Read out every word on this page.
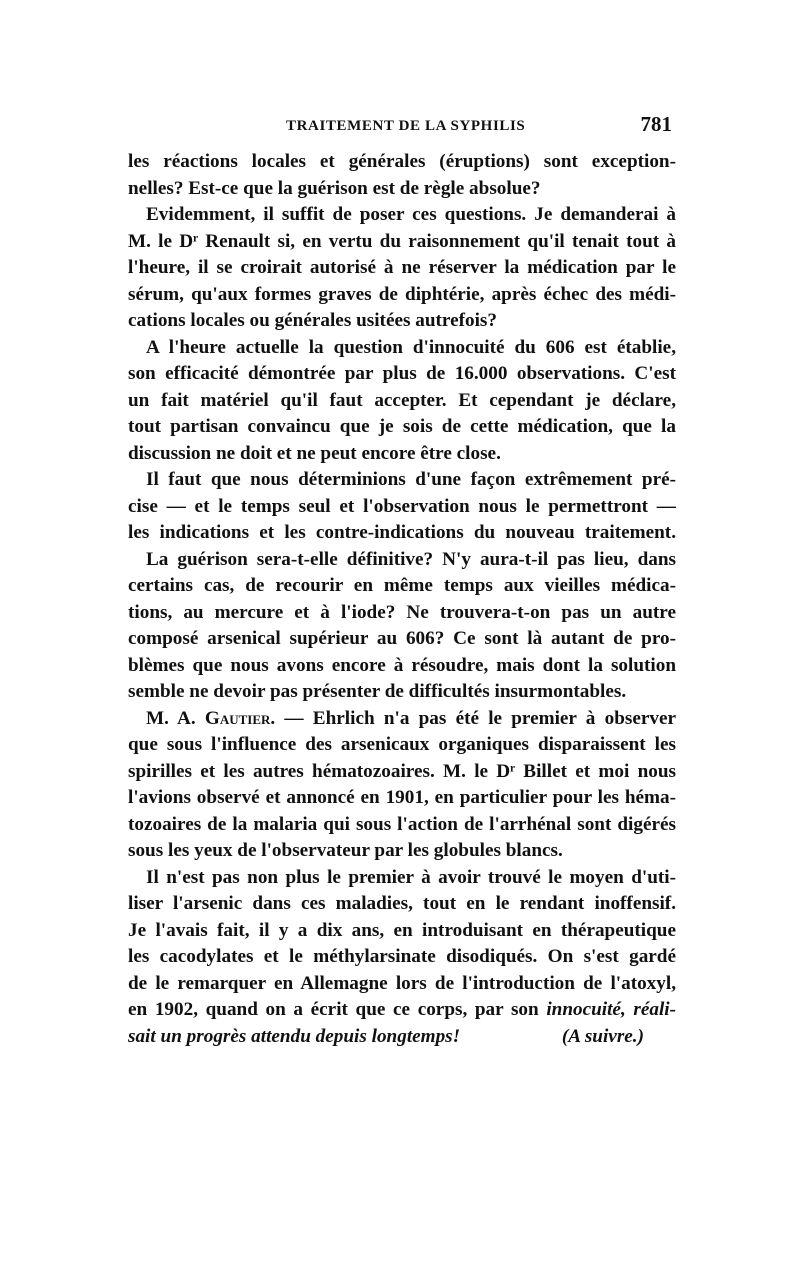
TRAITEMENT DE LA SYPHILIS	781
les réactions locales et générales (éruptions) sont exception-
nelles? Est-ce que la guérison est de règle absolue?
Evidemment, il suffit de poser ces questions. Je demanderai à
M. le Dʳ Renault si, en vertu du raisonnement qu'il tenait tout à
l'heure, il se croirait autorisé à ne réserver la médication par le
sérum, qu'aux formes graves de diphtérie, après échec des médi-
cations locales ou générales usitées autrefois?
A l'heure actuelle la question d'innocuité du 606 est établie,
son efficacité démontrée par plus de 16.000 observations. C'est
un fait matériel qu'il faut accepter. Et cependant je déclare,
tout partisan convaincu que je sois de cette médication, que la
discussion ne doit et ne peut encore être close.
Il faut que nous déterminions d'une façon extrêmement pré-
cise — et le temps seul et l'observation nous le permettront —
les indications et les contre-indications du nouveau traitement.
La guérison sera-t-elle définitive? N'y aura-t-il pas lieu, dans
certains cas, de recourir en même temps aux vieilles médica-
tions, au mercure et à l'iode? Ne trouvera-t-on pas un autre
composé arsenical supérieur au 606? Ce sont là autant de pro-
blèmes que nous avons encore à résoudre, mais dont la solution
semble ne devoir pas présenter de difficultés insurmontables.
M. A. Gautier. — Ehrlich n'a pas été le premier à observer
que sous l'influence des arsenicaux organiques disparaissent les
spirilles et les autres hématozoaires. M. le Dʳ Billet et moi nous
l'avions observé et annoncé en 1901, en particulier pour les héma-
tozoaires de la malaria qui sous l'action de l'arrhénal sont digérés
sous les yeux de l'observateur par les globules blancs.
Il n'est pas non plus le premier à avoir trouvé le moyen d'uti-
liser l'arsenic dans ces maladies, tout en le rendant inoffensif.
Je l'avais fait, il y a dix ans, en introduisant en thérapeutique
les cacodylates et le méthylarsinate disodiqués. On s'est gardé
de le remarquer en Allemagne lors de l'introduction de l'atoxyl,
en 1902, quand on a écrit que ce corps, par son innocuité, réali-
sait un progrès attendu depuis longtemps!	(A suivre.)
